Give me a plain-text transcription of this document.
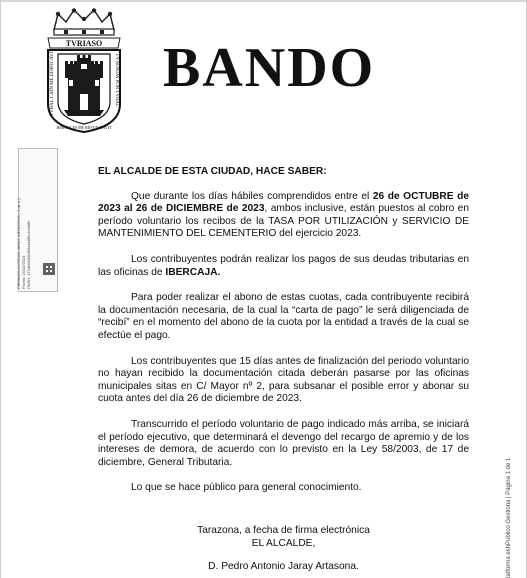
TVRIASO
FVNDADA POR TVBAL
TVBAL CAIN ME EDIFICAVIT
HERCVLES ME RESTAVRAVIT
BANDO
FIRMADO ANTONIO JARAY ARTASONA ( 1 de 1 ) Fecha: 25/10/2023 HASH: 171dbb6d1b8f3a4e8f0c4c5a6b
latforma eshPublico Gestiona | Página 1 de 1
EL ALCALDE DE ESTA CIUDAD, HACE SABER:
Que durante los días hábiles comprendidos entre el 26 de OCTUBRE de 2023 al 26 de DICIEMBRE de 2023, ambos inclusive, están puestos al cobro en período voluntario los recibos de la TASA POR UTILIZACIÓN y SERVICIO DE MANTENIMIENTO DEL CEMENTERIO del ejercicio 2023.
Los contribuyentes podrán realizar los pagos de sus deudas tributarias en las oficinas de IBERCAJA.
Para poder realizar el abono de estas cuotas, cada contribuyente recibirá la documentación necesaria, de la cual la “carta de pago” le será diligenciada de “recibí” en el momento del abono de la cuota por la entidad a través de la cual se efectúe el pago.
Los contribuyentes que 15 días antes de finalización del periodo voluntario no hayan recibido la documentación citada deberán pasarse por las oficinas municipales sitas en C/ Mayor nº 2, para subsanar el posible error y abonar su cuota antes del día 26 de diciembre de 2023.
Transcurrido el período voluntario de pago indicado más arriba, se iniciará el período ejecutivo, que determinará el devengo del recargo de apremio y de los intereses de demora, de acuerdo con lo previsto en la Ley 58/2003, de 17 de diciembre, General Tributaria.
Lo que se hace público para general conocimiento.
Tarazona, a fecha de firma electrónica
EL ALCALDE,
D. Pedro Antonio Jaray Artasona.
